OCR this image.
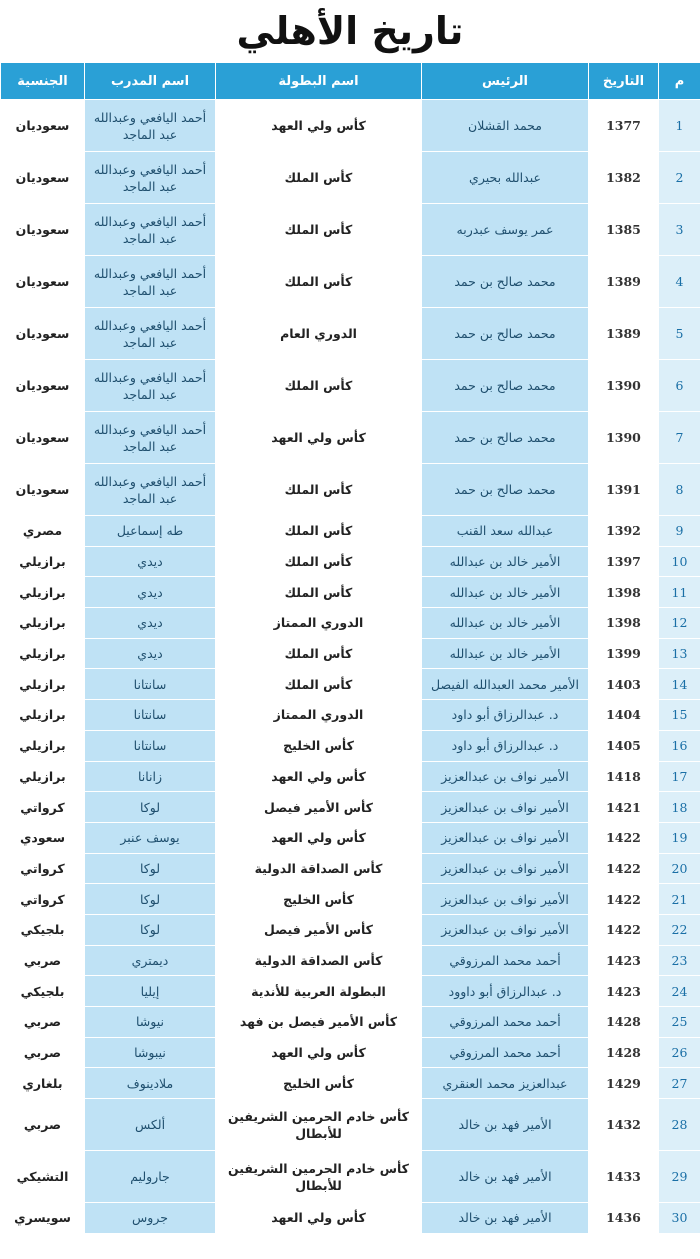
تاريخ الأهلي
م	التاريخ	الرئيس	اسم البطولة	اسم المدرب	الجنسية
1	1377	محمد القشلان	كأس ولي العهد	أحمد اليافعي وعبدالله عبد الماجد	سعوديان
2	1382	عبدالله بحيري	كأس الملك	أحمد اليافعي وعبدالله عبد الماجد	سعوديان
3	1385	عمر يوسف عبدربه	كأس الملك	أحمد اليافعي وعبدالله عبد الماجد	سعوديان
4	1389	محمد صالح بن حمد	كأس الملك	أحمد اليافعي وعبدالله عبد الماجد	سعوديان
5	1389	محمد صالح بن حمد	الدوري العام	أحمد اليافعي وعبدالله عبد الماجد	سعوديان
6	1390	محمد صالح بن حمد	كأس الملك	أحمد اليافعي وعبدالله عبد الماجد	سعوديان
7	1390	محمد صالح بن حمد	كأس ولي العهد	أحمد اليافعي وعبدالله عبد الماجد	سعوديان
8	1391	محمد صالح بن حمد	كأس الملك	أحمد اليافعي وعبدالله عبد الماجد	سعوديان
9	1392	عبدالله سعد القنب	كأس الملك	طه إسماعيل	مصري
10	1397	الأمير خالد بن عبدالله	كأس الملك	ديدي	برازيلي
11	1398	الأمير خالد بن عبدالله	كأس الملك	ديدي	برازيلي
12	1398	الأمير خالد بن عبدالله	الدوري الممتاز	ديدي	برازيلي
13	1399	الأمير خالد بن عبدالله	كأس الملك	ديدي	برازيلي
14	1403	الأمير محمد العبدالله الفيصل	كأس الملك	سانتانا	برازيلي
15	1404	د. عبدالرزاق أبو داود	الدوري الممتاز	سانتانا	برازيلي
16	1405	د. عبدالرزاق أبو داود	كأس الخليج	سانتانا	برازيلي
17	1418	الأمير نواف بن عبدالعزيز	كأس ولي العهد	زانانا	برازيلي
18	1421	الأمير نواف بن عبدالعزيز	كأس الأمير فيصل	لوكا	كرواتي
19	1422	الأمير نواف بن عبدالعزيز	كأس ولي العهد	يوسف عنبر	سعودي
20	1422	الأمير نواف بن عبدالعزيز	كأس الصداقة الدولية	لوكا	كرواتي
21	1422	الأمير نواف بن عبدالعزيز	كأس الخليج	لوكا	كرواتي
22	1422	الأمير نواف بن عبدالعزيز	كأس الأمير فيصل	لوكا	بلجيكي
23	1423	أحمد محمد المرزوقي	كأس الصداقة الدولية	ديمتري	صربي
24	1423	د. عبدالرزاق أبو داوود	البطولة العربية للأندية	إيليا	بلجيكي
25	1428	أحمد محمد المرزوقي	كأس الأمير فيصل بن فهد	نيوشا	صربي
26	1428	أحمد محمد المرزوقي	كأس ولي العهد	نيبوشا	صربي
27	1429	عبدالعزيز محمد العنقري	كأس الخليج	ملادينوف	بلغاري
28	1432	الأمير فهد بن خالد	كأس خادم الحرمين الشريفين للأبطال	ألكس	صربي
29	1433	الأمير فهد بن خالد	كأس خادم الحرمين الشريفين للأبطال	جاروليم	التشيكي
30	1436	الأمير فهد بن خالد	كأس ولي العهد	جروس	سويسري
